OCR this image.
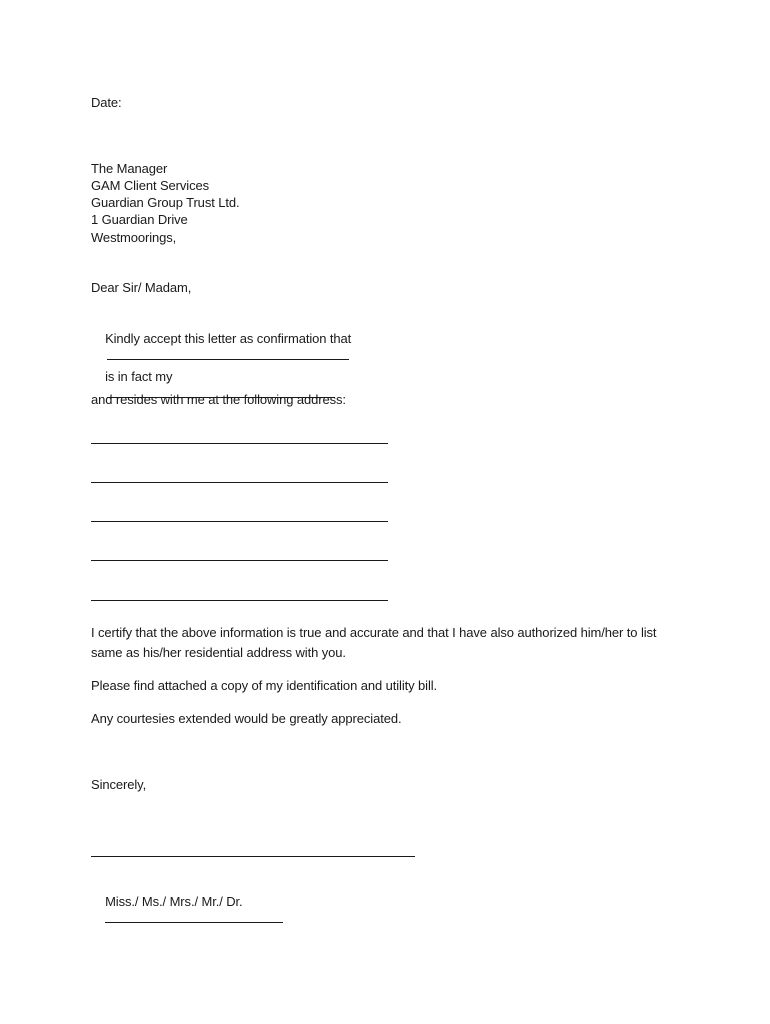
Date:
The Manager
GAM Client Services
Guardian Group Trust Ltd.
1 Guardian Drive
Westmoorings,
Dear Sir/ Madam,

Kindly accept this letter as confirmation that

is in fact my

and resides with me at the following address:
I certify that the above information is true and accurate and that I have also authorized him/her to list same as his/her residential address with you.
Please find attached a copy of my identification and utility bill.
Any courtesies extended would be greatly appreciated.
Sincerely,

Miss./ Ms./ Mrs./ Mr./ Dr.
